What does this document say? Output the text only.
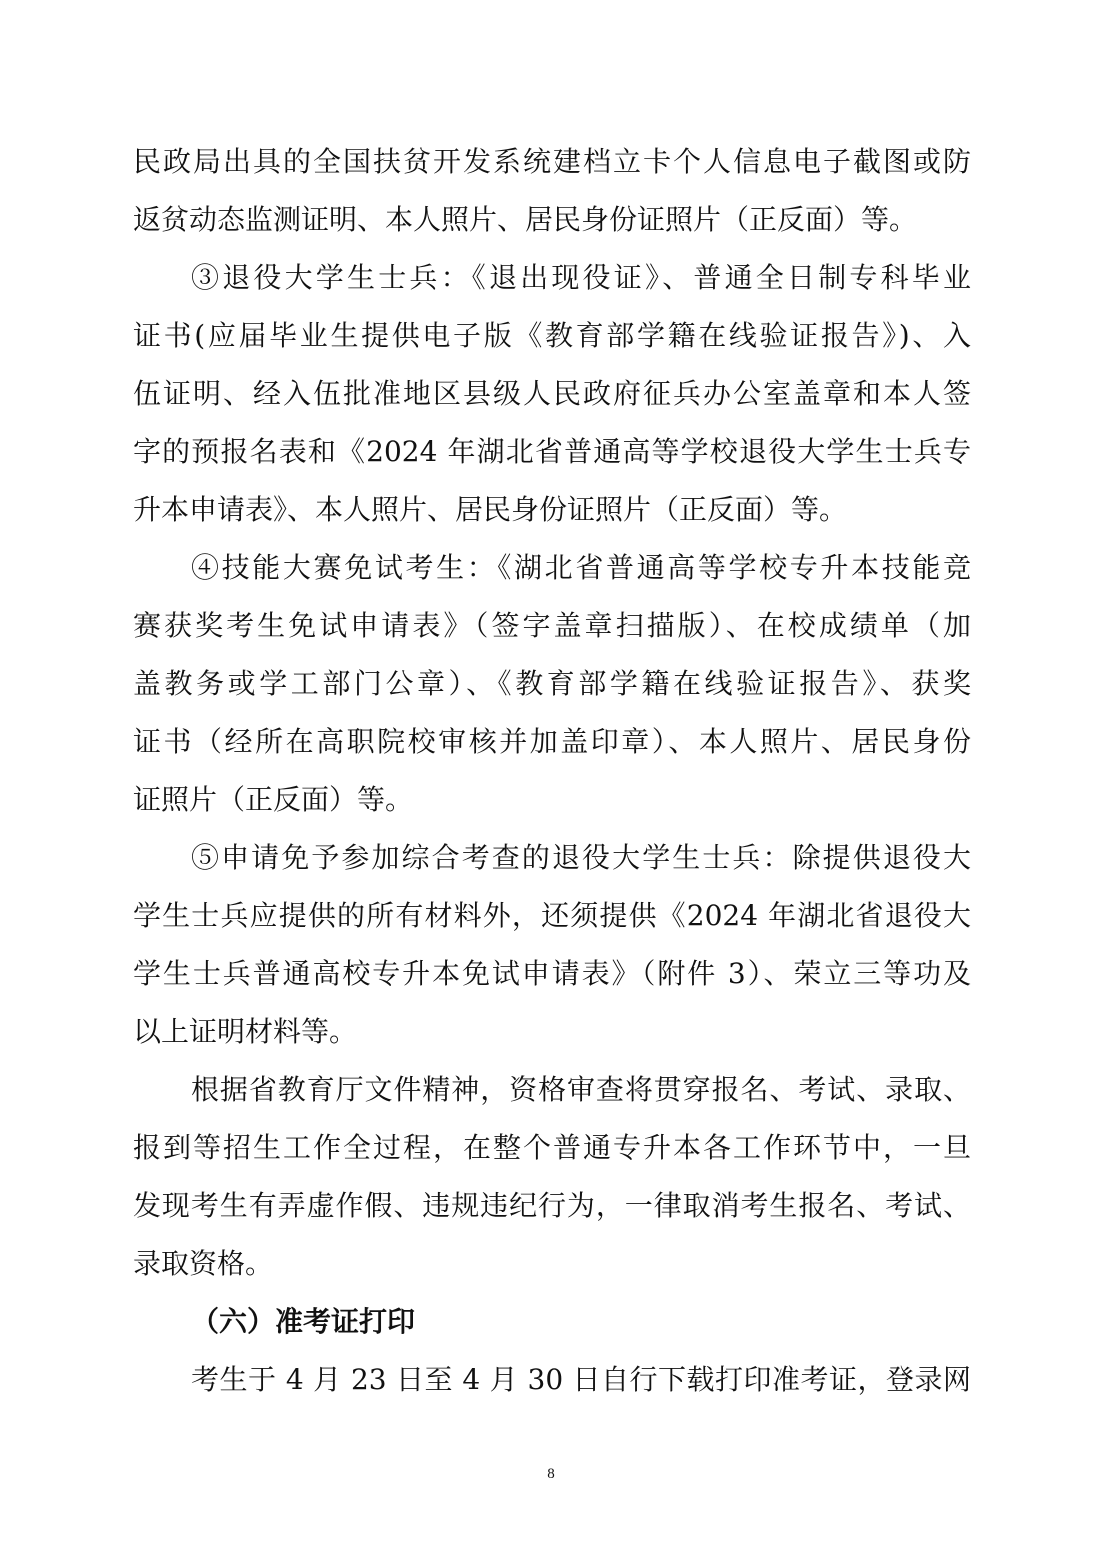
民政局出具的全国扶贫开发系统建档立卡个人信息电子截图或防
返贫动态监测证明、本人照片、居民身份证照片（正反面）等。
③退役大学生士兵：《退出现役证》、普通全日制专科毕业
证书(应届毕业生提供电子版《教育部学籍在线验证报告》)、入
伍证明、经入伍批准地区县级人民政府征兵办公室盖章和本人签
字的预报名表和《2024 年湖北省普通高等学校退役大学生士兵专
升本申请表》、本人照片、居民身份证照片（正反面）等。
④技能大赛免试考生：《湖北省普通高等学校专升本技能竞
赛获奖考生免试申请表》（签字盖章扫描版）、在校成绩单（加
盖教务或学工部门公章）、《教育部学籍在线验证报告》、获奖
证书（经所在高职院校审核并加盖印章）、本人照片、居民身份
证照片（正反面）等。
⑤申请免予参加综合考查的退役大学生士兵：除提供退役大
学生士兵应提供的所有材料外，还须提供《2024 年湖北省退役大
学生士兵普通高校专升本免试申请表》（附件 3）、荣立三等功及
以上证明材料等。
根据省教育厅文件精神，资格审查将贯穿报名、考试、录取、
报到等招生工作全过程，在整个普通专升本各工作环节中，一旦
发现考生有弄虚作假、违规违纪行为，一律取消考生报名、考试、
录取资格。
（六）准考证打印
考生于 4 月 23 日至 4 月 30 日自行下载打印准考证，登录网
8
